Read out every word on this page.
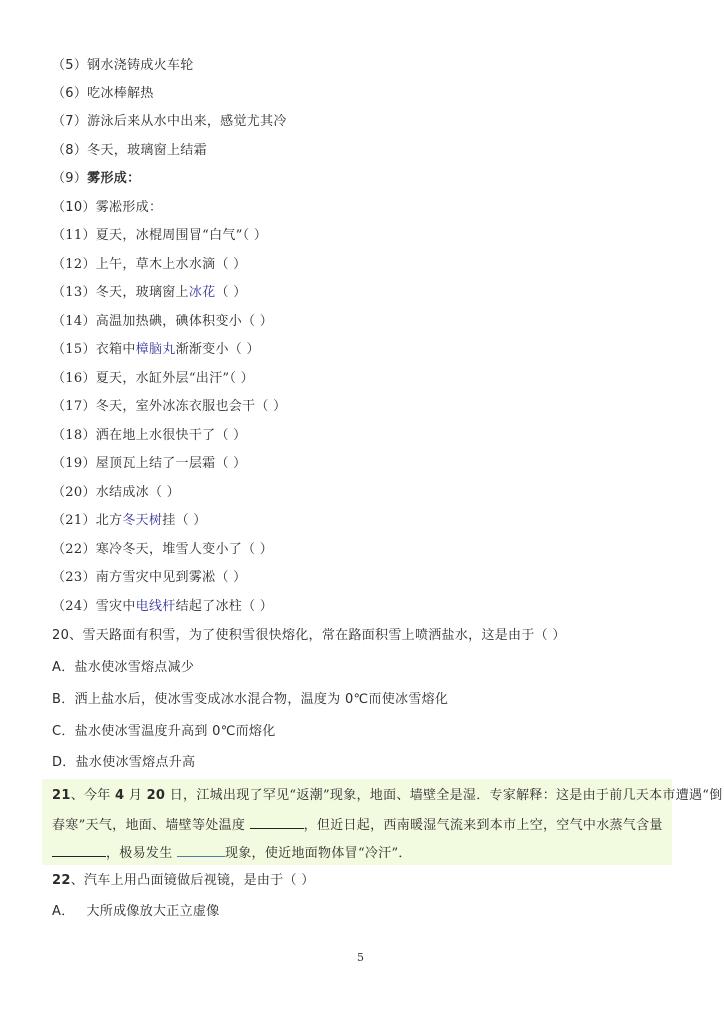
（5）钢水浇铸成火车轮
（6）吃冰棒解热
（7）游泳后来从水中出来，感觉尤其冷
（8）冬天，玻璃窗上结霜
（9）雾形成：
（10）雾凇形成：
（11）夏天，冰棍周围冒“白气”（ ）
（12）上午，草木上水水滴（ ）
（13）冬天，玻璃窗上冰花（ ）
（14）高温加热碘，碘体积变小（ ）
（15）衣箱中樟脑丸渐渐变小（ ）
（16）夏天，水缸外层“出汗”（ ）
（17）冬天，室外冰冻衣服也会干（ ）
（18）洒在地上水很快干了（ ）
（19）屋顶瓦上结了一层霜（ ）
（20）水结成冰（ ）
（21）北方冬天树挂（ ）
（22）寒冷冬天，堆雪人变小了（ ）
（23）南方雪灾中见到雾凇（ ）
（24）雪灾中电线杆结起了冰柱（ ）
20、雪天路面有积雪，为了使积雪很快熔化，常在路面积雪上喷洒盐水，这是由于（ ）
A．盐水使冰雪熔点减少
B．洒上盐水后，使冰雪变成冰水混合物，温度为 0℃而使冰雪熔化
C．盐水使冰雪温度升高到 0℃而熔化
D．盐水使冰雪熔点升高
21、今年 4 月 20 日，江城出现了罕见“返潮”现象，地面、墙壁全是湿．专家解释：这是由于前几天本市遭遇“倒
春寒”天气，地面、墙壁等处温度	，但近日起，西南暖湿气流来到本市上空，空气中水蒸气含量
，极易发生	现象，使近地面物体冒“冷汗”．
22、汽车上用凸面镜做后视镜，是由于（ ）
A． 大所成像放大正立虚像
5
